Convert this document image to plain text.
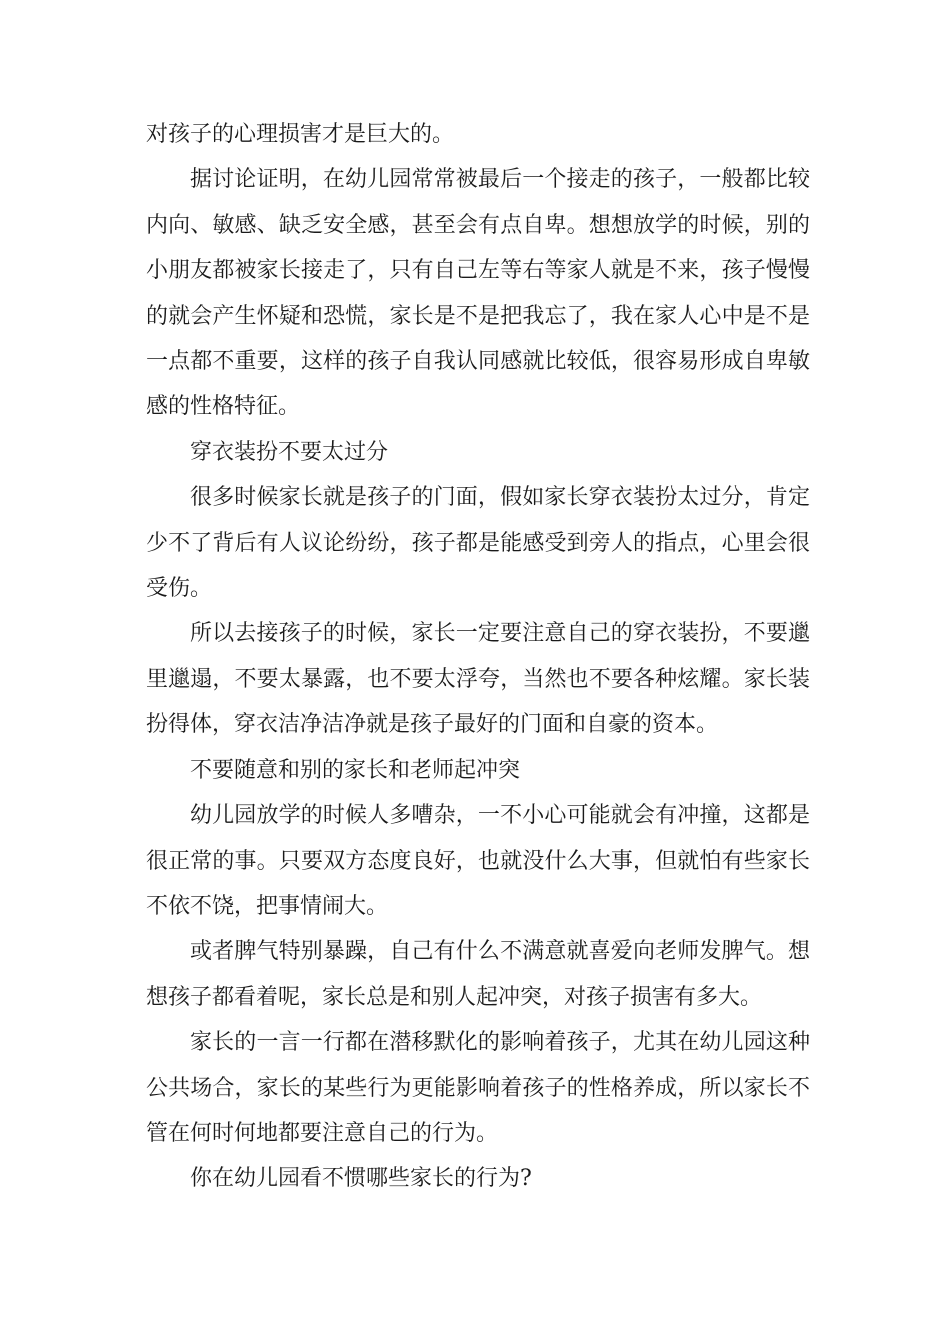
对孩子的心理损害才是巨大的。

据讨论证明，在幼儿园常常被最后一个接走的孩子，一般都比较内向、敏感、缺乏安全感，甚至会有点自卑。想想放学的时候，别的小朋友都被家长接走了，只有自己左等右等家人就是不来，孩子慢慢的就会产生怀疑和恐慌，家长是不是把我忘了，我在家人心中是不是一点都不重要，这样的孩子自我认同感就比较低，很容易形成自卑敏感的性格特征。

穿衣装扮不要太过分

很多时候家长就是孩子的门面，假如家长穿衣装扮太过分，肯定少不了背后有人议论纷纷，孩子都是能感受到旁人的指点，心里会很受伤。

所以去接孩子的时候，家长一定要注意自己的穿衣装扮，不要邋里邋遢，不要太暴露，也不要太浮夸，当然也不要各种炫耀。家长装扮得体，穿衣洁净洁净就是孩子最好的门面和自豪的资本。

不要随意和别的家长和老师起冲突

幼儿园放学的时候人多嘈杂，一不小心可能就会有冲撞，这都是很正常的事。只要双方态度良好，也就没什么大事，但就怕有些家长不依不饶，把事情闹大。

或者脾气特别暴躁，自己有什么不满意就喜爱向老师发脾气。想想孩子都看着呢，家长总是和别人起冲突，对孩子损害有多大。

家长的一言一行都在潜移默化的影响着孩子，尤其在幼儿园这种公共场合，家长的某些行为更能影响着孩子的性格养成，所以家长不管在何时何地都要注意自己的行为。

你在幼儿园看不惯哪些家长的行为?
